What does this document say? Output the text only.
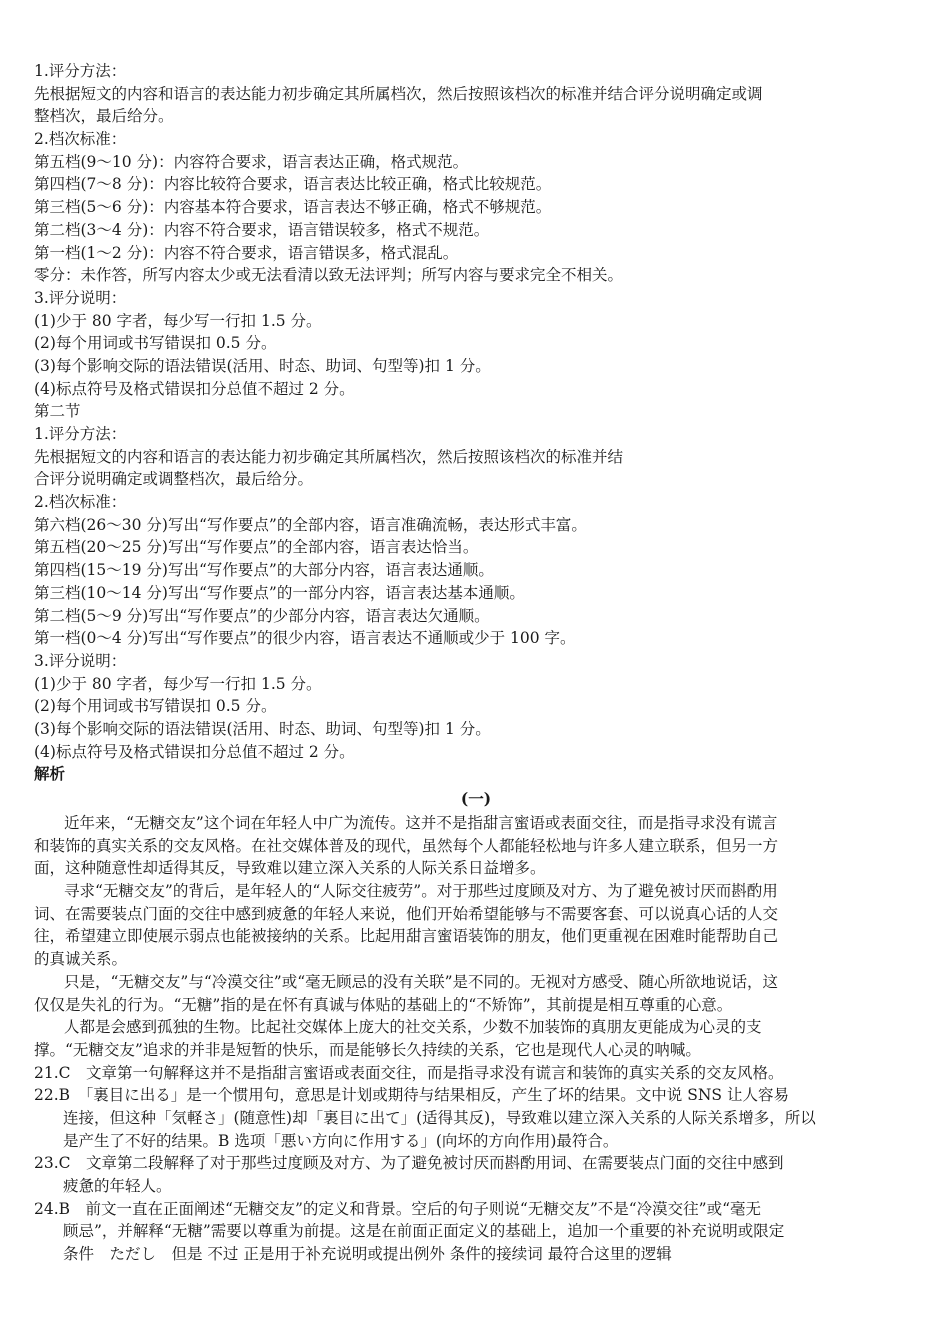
1.评分方法：
先根据短文的内容和语言的表达能力初步确定其所属档次，然后按照该档次的标准并结合评分说明确定或调
整档次，最后给分。
2.档次标准：
第五档(9～10 分)：内容符合要求，语言表达正确，格式规范。
第四档(7～8 分)：内容比较符合要求，语言表达比较正确，格式比较规范。
第三档(5～6 分)：内容基本符合要求，语言表达不够正确，格式不够规范。
第二档(3～4 分)：内容不符合要求，语言错误较多，格式不规范。
第一档(1～2 分)：内容不符合要求，语言错误多，格式混乱。
零分：未作答，所写内容太少或无法看清以致无法评判；所写内容与要求完全不相关。
3.评分说明：
(1)少于 80 字者，每少写一行扣 1.5 分。
(2)每个用词或书写错误扣 0.5 分。
(3)每个影响交际的语法错误(活用、时态、助词、句型等)扣 1 分。
(4)标点符号及格式错误扣分总值不超过 2 分。
第二节
1.评分方法：
先根据短文的内容和语言的表达能力初步确定其所属档次，然后按照该档次的标准并结
合评分说明确定或调整档次，最后给分。
2.档次标准：
第六档(26～30 分)写出“写作要点”的全部内容，语言准确流畅，表达形式丰富。
第五档(20～25 分)写出“写作要点”的全部内容，语言表达恰当。
第四档(15～19 分)写出“写作要点”的大部分内容，语言表达通顺。
第三档(10～14 分)写出“写作要点”的一部分内容，语言表达基本通顺。
第二档(5～9 分)写出“写作要点”的少部分内容，语言表达欠通顺。
第一档(0～4 分)写出“写作要点”的很少内容，语言表达不通顺或少于 100 字。
3.评分说明：
(1)少于 80 字者，每少写一行扣 1.5 分。
(2)每个用词或书写错误扣 0.5 分。
(3)每个影响交际的语法错误(活用、时态、助词、句型等)扣 1 分。
(4)标点符号及格式错误扣分总值不超过 2 分。
解析
(一)
近年来，“无糖交友”这个词在年轻人中广为流传。这并不是指甜言蜜语或表面交往，而是指寻求没有谎言
和装饰的真实关系的交友风格。在社交媒体普及的现代，虽然每个人都能轻松地与许多人建立联系，但另一方
面，这种随意性却适得其反，导致难以建立深入关系的人际关系日益增多。
寻求“无糖交友”的背后，是年轻人的“人际交往疲劳”。对于那些过度顾及对方、为了避免被讨厌而斟酌用
词、在需要装点门面的交往中感到疲惫的年轻人来说，他们开始希望能够与不需要客套、可以说真心话的人交
往，希望建立即使展示弱点也能被接纳的关系。比起用甜言蜜语装饰的朋友，他们更重视在困难时能帮助自己
的真诚关系。
只是，“无糖交友”与“冷漠交往”或“毫无顾忌的没有关联”是不同的。无视对方感受、随心所欲地说话，这
仅仅是失礼的行为。“无糖”指的是在怀有真诚与体贴的基础上的“不矫饰”，其前提是相互尊重的心意。
人都是会感到孤独的生物。比起社交媒体上庞大的社交关系，少数不加装饰的真朋友更能成为心灵的支
撑。“无糖交友”追求的并非是短暂的快乐，而是能够长久持续的关系，它也是现代人心灵的呐喊。
21.C　文章第一句解释这并不是指甜言蜜语或表面交往，而是指寻求没有谎言和装饰的真实关系的交友风格。
22.B　「裏目に出る」是一个惯用句，意思是计划或期待与结果相反，产生了坏的结果。文中说 SNS 让人容易
连接，但这种「気軽さ」(随意性)却「裏目に出て」(适得其反)，导致难以建立深入关系的人际关系增多，所以
是产生了不好的结果。B 选项「悪い方向に作用する」(向坏的方向作用)最符合。
23.C　文章第二段解释了对于那些过度顾及对方、为了避免被讨厌而斟酌用词、在需要装点门面的交往中感到
疲惫的年轻人。
24.B　前文一直在正面阐述“无糖交友”的定义和背景。空后的句子则说“无糖交友”不是“冷漠交往”或“毫无
顾忌”，并解释“无糖”需要以尊重为前提。这是在前面正面定义的基础上，追加一个重要的补充说明或限定
条件　ただし　但是 不过 正是用于补充说明或提出例外 条件的接续词 最符合这里的逻辑
